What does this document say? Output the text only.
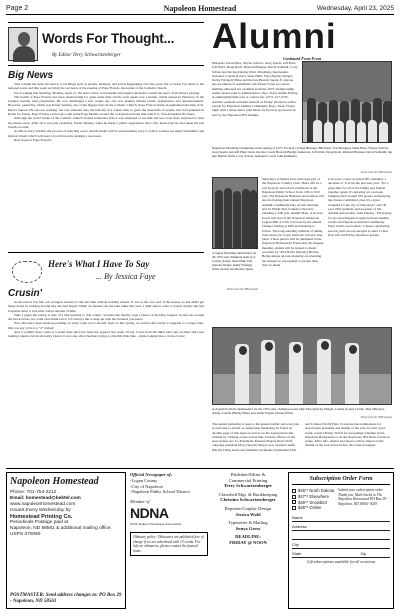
Page 2	Napoleon Homestead	Wednesday, April 23, 2025
Words For Thought...
By Editor Terry Schwartzenberger
Big News

This column has been devoted to local things such as people, business, and social happenings over the years. On occasion I've taken to the national scene and this week we bring the sad news of the passing of Pope Francis, the leader of the Catholic Church.

Upon waking this morning, Monday, April 21, the news wires, social media and regular television carried the news of the Pope's passing.

The health of Pope Francis has been deteriorating for quite some time and he even spent over a month, which started in February, in the hospital dealing with pneumonia. He was discharged a few weeks ago and was making limited public appearances and announcements. However, yesterday, which was Easter Sunday, one of the biggest days in the Catholic Church, Pope Francis made an unplanned showing in St. Peter's Square. He was not walking, but was wheeled onto the balcony in a wheel chair to greet the thousands of people who had gathered in Rome for Easter. Pope Francis even took a ride in the Pope Mobile around the courtyard and later met with U.S. Vice-President JD Vance.

Although the world leader of the Catholic Church looked somewhat frail, I was surprised to see him and was even more surprised to hear he passed away. After all it was just yesterday, Easter Sunday, when he made a public appearance and a few hours later he had taken his last breath on earth.

As this is story unfolds, the process of selecting a new church leader will be an interesting story to follow as there are many formalities and historic rituals which will need to be followed in picking a successor.

Rest in peace Pope Francis!

Here's What I Have To Say
... By Jessica Faye
Crusin'

At the end of last fall, our youngest learned to ride her bike without training wheels. It was at the very end of the season, so she didn't get many hours in cruising around like she had hoped. When we headed out the bike bikes this year, I didn't know what to expect maybe she had forgotten since it was such a short amount of time.

Well, I guess the saying is true: "it's like learning to ride a bike," because she merrily took a glance at the bike, hopped on and was around the block before we could even think twice, lol! Always fun to keep up with her brothers you know.

Now that she's been nonstop pedaling on every walk we've already been on this spring, we sorted she's ready to upgrade to a larger bike. Did you say cycle is a "d" cruiser!

And it couldn't have come at a better time since her back tire popped last week. I'd say it was from the miles she's put on since she's had training wheels, but in all reality I know it was one of her brothers trying to ride this little bike - while looking like a circus clown!

Alumni
Continued From Front
Marquart, Dean Haas, Wayne Schiver, Greg Sperle, Jeff Platz, Jeff Wald, Doug Kroll, Richard Brunner, David Schmidt, Larry Schatz and the late Dennis Wald. Wrestling cheerleaders included: Colette (Leier), Susie Hehr, Tina (Sperle) Weigel, Kathy (Weigel) Weisz and the late Brenda Sperle. If anyone has an address of teammates who haven't been in contact, mailing addresses are available from the 1975 championship teams, please send to Alumni Assoc. Box, Tessa Anime Feiring at alumni@hotmail.com or contact her at 071-417-2745. Alumni weekend activities kickoff on Friday afternoon with a parade for Napoleon Alumni Community Days. Then, Friday night with a street dance with music by Upaway sponsored in part by the Napoleon FFA Alumni.
Napoleon Wrestling Champions in the spring of 1975. Front (l-r) Dean Brunner, Bill Kurtz, Pat Marquart, Dean Haas, Wayne Schiver, Greg Sperle and Jeff Platz; back, the late Coach Howard Buckly Anderson, Jeff Wald, Doug Kroll, Richard Brunner, David Schmidt, the late Dennis Wald, Larry Schatz, Assistant Coach John Kemkertz.
Photo from the NHS annual
Saturday's activities start with open golf at the Napoleon Country Club. There will be a call for hour and school visitations at the Napoleon Public School from 1:00 to 3:00 p.m. The Napoleon Business Association will also be hosting their annual Napoleon Alumni Community Day on this Saturday and St. Philip Neri Catholic Church is planning a 4:00 p.m. alumni Mass. A no host social will start at the Napoleon American Legion Hall at 5:00, followed by the annual banquet starting at 6:00 and meeting to follow. The long-standing tradition of taking class photos in 5 year intervals will also take place. Those photos will be published in the Napoleon Homestead. Following the banquet meeting, alumni will be treated to music provided by 1974 David (Moody) Hecker. Being unique anyone planning on attending the banquet to pre-register or proper dues may be made.
Last year's count recorded 381 attendees, a decrease of 11 from the previous year. "It's a great time for all of the family and friends together again. It's amazing we can keep bringing back around 350 people and keeping the classes committed, plus it's a great weekend for the city of Napoleon," said 30 year 1967 graduate and treasurer of the Alumni Association, Julie Feiring. "I'm hoping for good participation again between Alumni events and Napoleon Alumni Community Days events are booked." Classes celebrating special years are encouraged to enter a class float into the Friday afternoon parade.
A-Squad Wrestling cheerleaders for the 1975 state champion team (l-r): Colette (Leier), Susie Hehr, Tina (Sperle) Weigel, Kathy (Weigel) Weisz and the late Brenda Sperle.
Photo from the NHS annual
A-Squad Football cheerleaders for the 1975 state champion team Amy Tina (Sperle) Weigel, Colette (Leier) Clarke, Sher (Becker), Amdy, Connie (Heitz) Wiley and Jaelle Trenter (Straus) Platz
Photo from the NHS annual
The annual gathering is open to the general public and everyone is welcome to attend. A registration blank may be found on another page of this issue as well as on the napoleonnd.com website by clicking on the events link. Current officers of the Association are: Co-Presidents Kristen (Nagel) Revis Wolf, outgoing president Mary (Sperle) Meyer, new treasurer Anita (Moch) Feitig and board members Stephanie (Schneider) Holt and Colleen (Wolf) Platz. If anyone has nominations for Association president and alumni of the year for next year's event, contact Feitig. Watch for an updated schedule in the Napoleon Homestead or on the Napoleon, ND News facebook group. More info, entries and photos will be shared on the alumni of the year honor before the event in August.
Napoleon Homestead
Phone: 701-754-2212
Email: homestead@bektel.com
www.napoleonhomestead.com
Issued Every Wednesday by
Homestead Printing Co.
Periodicals Postage paid at
Napoleon, ND 58561 & additional mailing office.
USPS 370060
POSTMASTER: Send address changes to: PO Box 29 - Napoleon, ND 58561
Official Newspaper of:
-Logan County
-City of Napoleon
-Napoleon Public School District
Member of
NDNA
North Dakota Newspaper Association
Obituary policy: Obituaries are published free of charge if we are advertised with 15 words. For info on obituaries, please contact the funeral home.
Publisher/Editor &
Commercial Printing
Terry Schwartzenberger
Classified Mgr. & Bookkeeping
Christine Schwartzenberger
Reporter/Graphic Design
Jessica Wald
Typesetter & Mailing
Sonya Gross
DEADLINE:
FRIDAY @ NOON
Subscription Order Form
$45** North Dakota
$47** Elsewhere
$46** Snowbird
$45** Online
Submit your subscription order. Thank you. Mail checks to The Napoleon Homestead PO Box 29 - Napoleon, ND 58561-0029
Name
Address
City
State	Zip
Gift subscriptions available for all occasions
